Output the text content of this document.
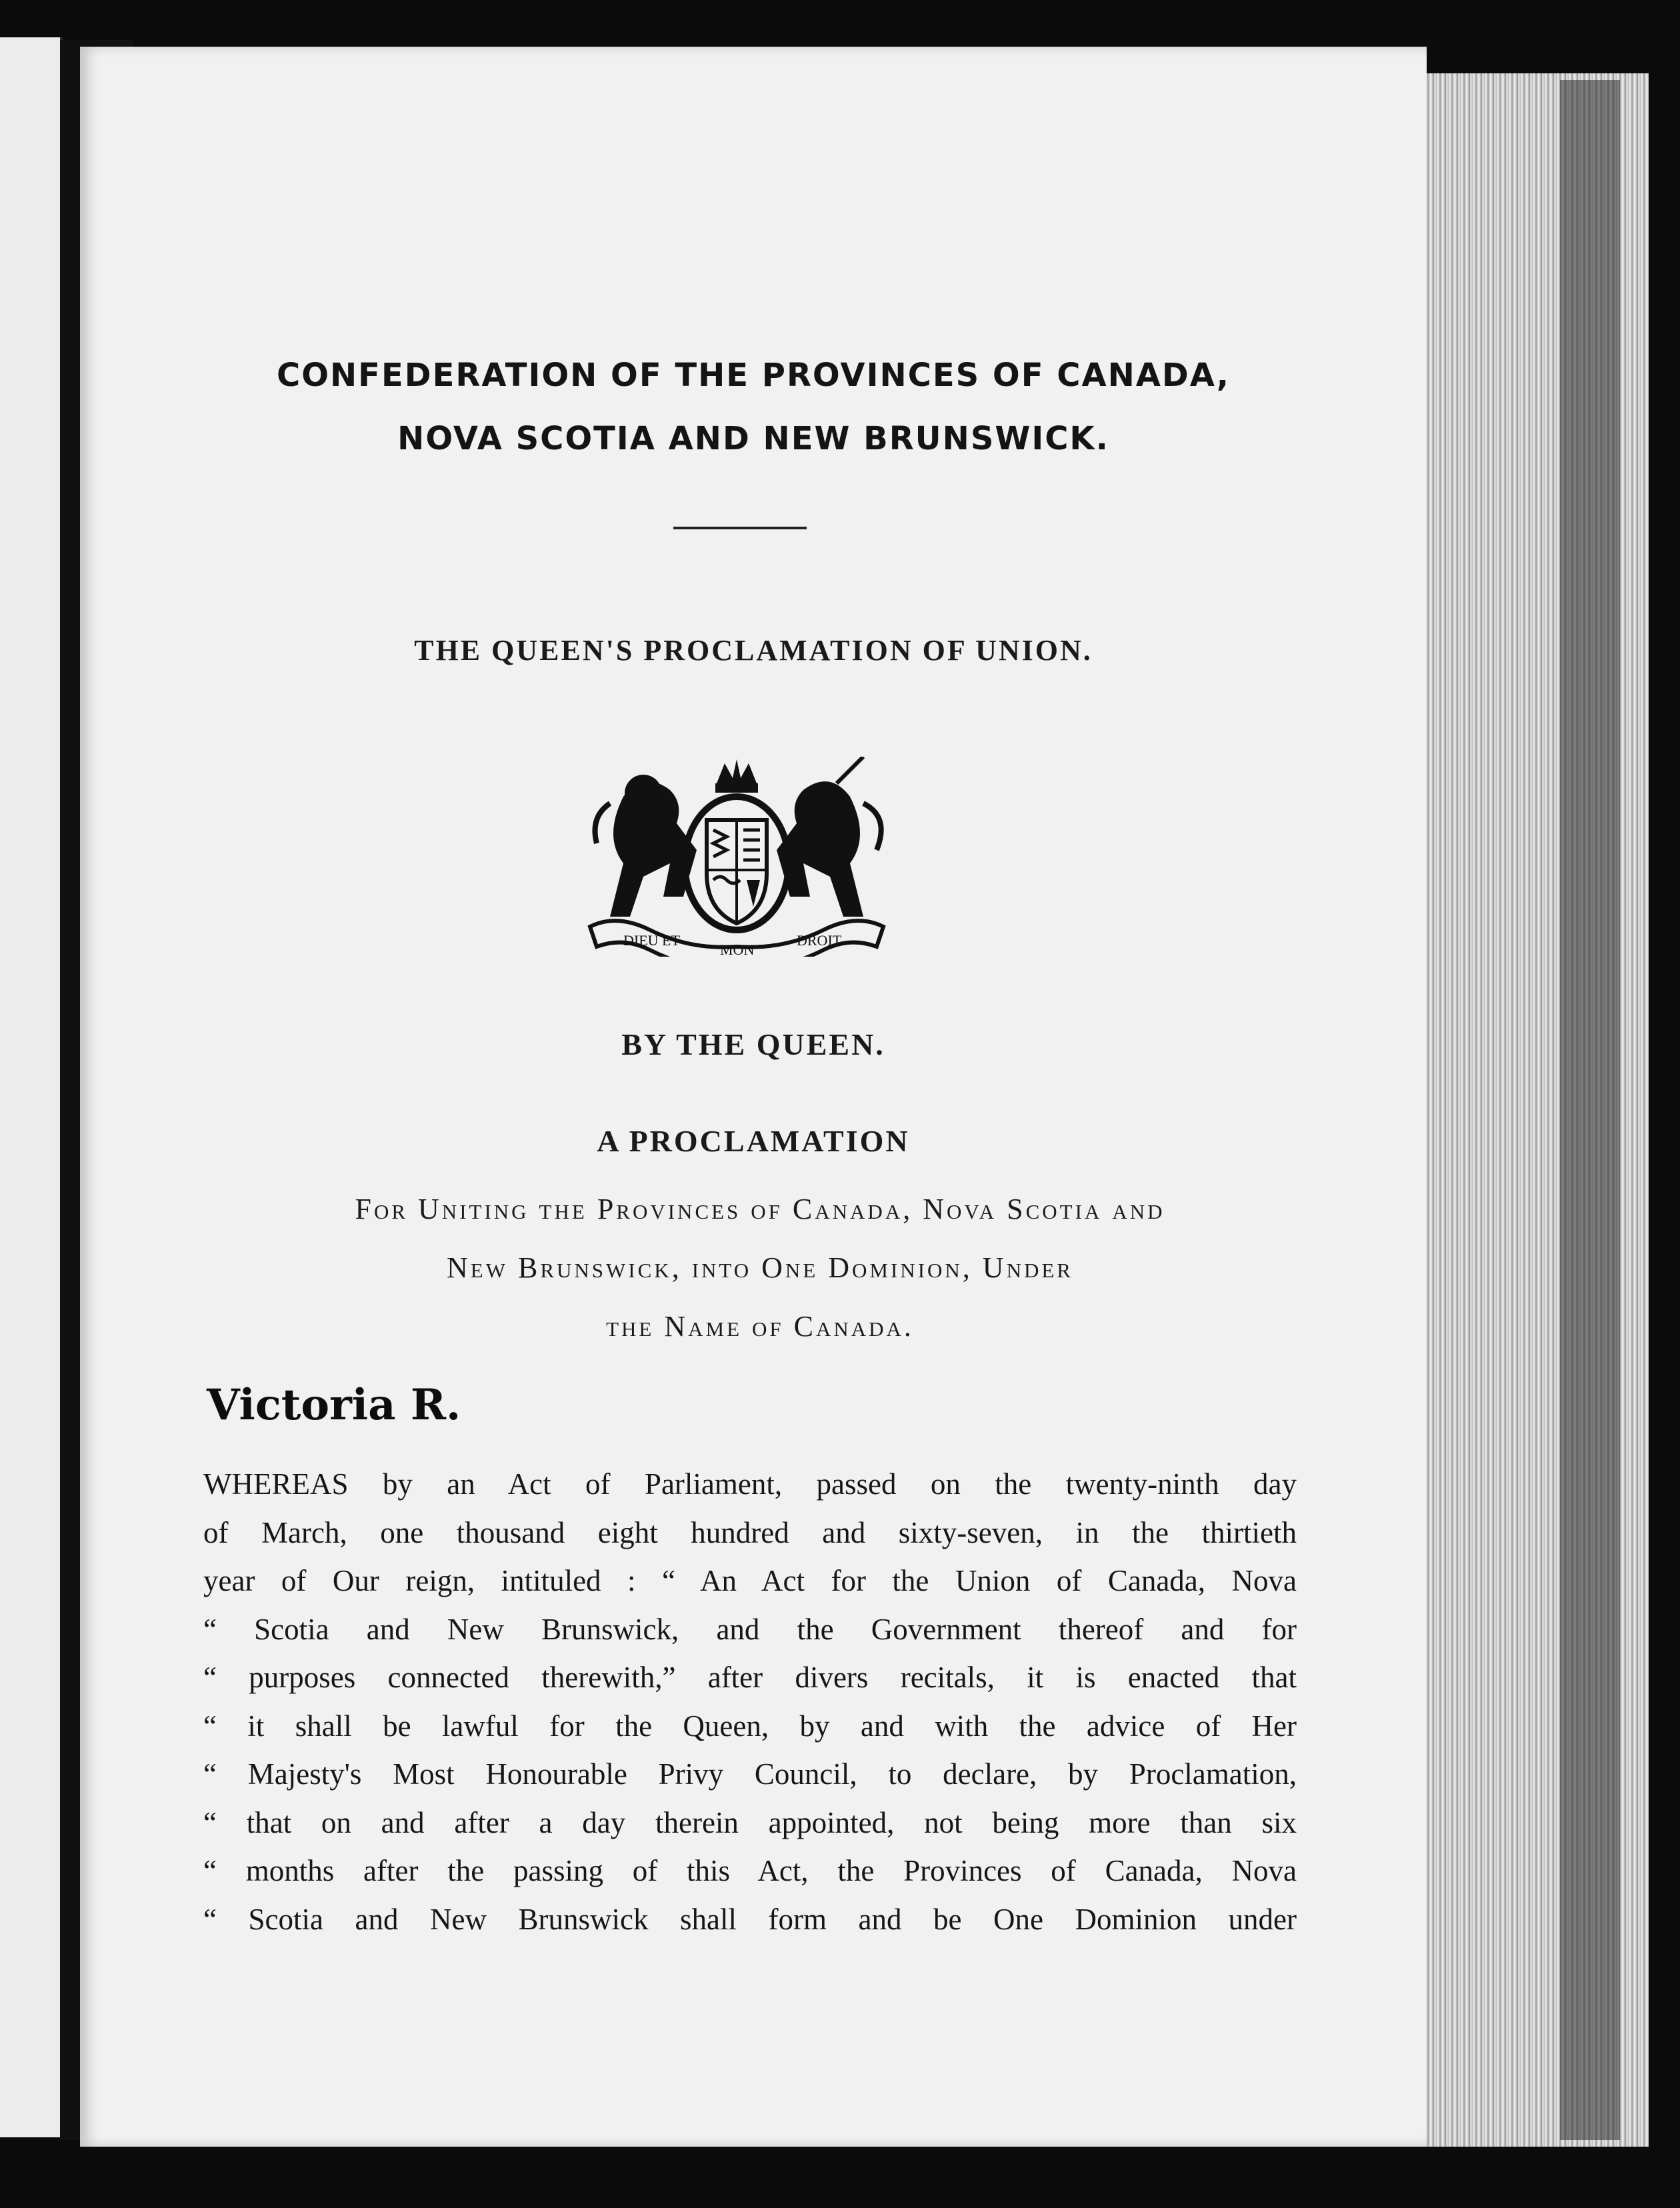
CONFEDERATION OF THE PROVINCES OF CANADA,
NOVA SCOTIA AND NEW BRUNSWICK.
THE QUEEN'S PROCLAMATION OF UNION.
DIEU ET
MON
DROIT
BY THE QUEEN.
A PROCLAMATION

For Uniting the Provinces of Canada, Nova Scotia and
New Brunswick, into One Dominion, Under
the Name of Canada.

Victoria R.

WHEREAS by an Act of Parliament, passed on the twenty-ninth day
of March, one thousand eight hundred and sixty-seven, in the thirtieth
year of Our reign, intituled : “ An Act for the Union of Canada, Nova
“ Scotia and New Brunswick, and the Government thereof and for
“ purposes connected therewith,” after divers recitals, it is enacted that
“ it shall be lawful for the Queen, by and with the advice of Her
“ Majesty's Most Honourable Privy Council, to declare, by Proclamation,
“ that on and after a day therein appointed, not being more than six
“ months after the passing of this Act, the Provinces of Canada, Nova
“ Scotia and New Brunswick shall form and be One Dominion under
